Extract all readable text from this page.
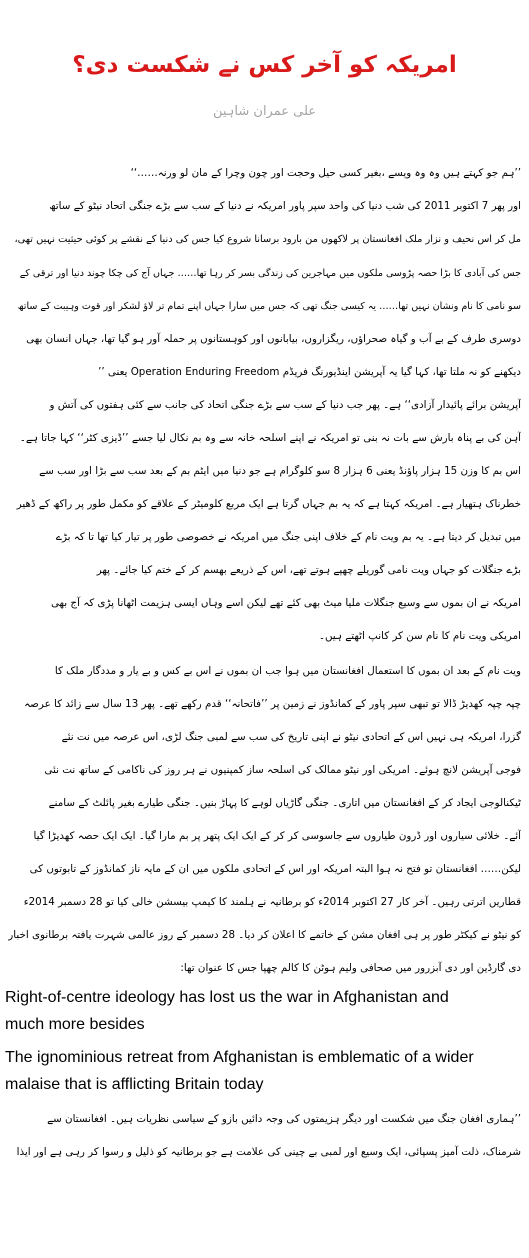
امریکہ کو آخر کس نے شکست دی؟
علی عمران شاہین
’’ہم جو کہتے ہیں وہ وہ ویسے ،بغیر کسی حیل وحجت اور چون وچرا کے مان لو ورنہ……‘‘
اور پھر 7 اکتوبر 2011 کی شب دنیا کی واحد سپر پاور امریکہ نے دنیا کے سب سے بڑے جنگی اتحاد نیٹو کے ساتھ
مل کر اس نحیف و نزار ملک افغانستان پر لاکھوں من بارود برسانا شروع کیا جس کی دنیا کے نقشے پر کوئی حیثیت نہیں تھی،
جس کی آبادی کا بڑا حصہ پڑوسی ملکوں میں مہاجرین کی زندگی بسر کر رہا تھا…… جہاں آج کی چکا چوند دنیا اور ترقی کے
سو نامی کا نام ونشان نہیں تھا…… یہ کیسی جنگ تھی کہ جس میں سارا جہاں اپنے تمام تر لاؤ لشکر اور قوت وہیبت کے ساتھ
دوسری طرف کے بے آب و گیاہ صحراؤں، ریگزاروں، بیابانوں اور کوہستانوں پر حملہ آور ہو گیا تھا، جہاں انسان بھی
دیکھنے کو نہ ملتا تھا، کہا گیا یہ آپریشن اینڈیورنگ فریڈم Operation Enduring Freedom یعنی ’’
آپریشن برائے پائیدار آزادی‘‘ ہے۔ پھر جب دنیا کے سب سے بڑے جنگی اتحاد کی جانب سے کئی ہفتوں کی آتش و
آہن کی بے پناہ بارش سے بات نہ بنی تو امریکہ نے اپنے اسلحہ خانہ سے وہ بم نکال لیا جسے ’’ڈیزی کٹر‘‘ کہا جاتا ہے۔
اس بم کا وزن 15 ہزار پاؤنڈ یعنی 6 ہزار 8 سو کلوگرام ہے جو دنیا میں ایٹم بم کے بعد سب سے بڑا اور سب سے
خطرناک ہتھیار ہے۔ امریکہ کہتا ہے کہ یہ بم جہاں گرتا ہے ایک مربع کلومیٹر کے علاقے کو مکمل طور پر راکھ کے ڈھیر
میں تبدیل کر دیتا ہے۔ یہ بم ویت نام کے خلاف اپنی جنگ میں امریکہ نے خصوصی طور پر تیار کیا تھا تا کہ بڑے
بڑے جنگلات کو جہاں ویت نامی گوریلے چھپے ہوتے تھے، اس کے ذریعے بھسم کر کے ختم کیا جائے۔ پھر
امریکہ نے ان بموں سے وسیع جنگلات ملیا میٹ بھی کئے تھے لیکن اسے وہاں ایسی ہزیمت اٹھانا پڑی کہ آج بھی
امریکی ویت نام کا نام سن کر کانپ اٹھتے ہیں۔
ویت نام کے بعد ان بموں کا استعمال افغانستان میں ہوا جب ان بموں نے اس بے کس و بے یار و مددگار ملک کا
چپہ چپہ کھدیڑ ڈالا تو تبھی سپر پاور کے کمانڈوز نے زمین پر ’’فاتحانہ‘‘ قدم رکھے تھے۔ پھر 13 سال سے زائد کا عرصہ
گزرا، امریکہ ہی نہیں اس کے اتحادی نیٹو نے اپنی تاریخ کی سب سے لمبی جنگ لڑی، اس عرصہ میں نت نئے
فوجی آپریشن لانچ ہوئے۔ امریکی اور نیٹو ممالک کی اسلحہ ساز کمپنیوں نے ہر روز کی ناکامی کے ساتھ نت نئی
ٹیکنالوجی ایجاد کر کے افغانستان میں اتاری۔ جنگی گاڑیاں لوہے کا پہاڑ بنیں۔ جنگی طیارے بغیر پائلٹ کے سامنے
آئے۔ خلائی سیاروں اور ڈرون طیاروں سے جاسوسی کر کر کے ایک ایک پتھر پر بم مارا گیا۔ ایک ایک حصہ کھدیڑا گیا
لیکن…… افغانستان تو فتح نہ ہوا البتہ امریکہ اور اس کے اتحادی ملکوں میں ان کے مایہ ناز کمانڈوز کے تابوتوں کی
قطاریں اترتی رہیں۔ آخر کار 27 اکتوبر 2014ء کو برطانیہ نے ہلمند کا کیمپ بیسشن خالی کیا تو 28 دسمبر 2014ء
کو نیٹو نے کیکٹر طور پر ہی افغان مشن کے خاتمے کا اعلان کر دیا۔ 28 دسمبر کے روز عالمی شہرت یافتہ برطانوی اخبار
دی گارڈین اور دی آبزرور میں صحافی ولیم ہوٹن کا کالم چھپا جس کا عنوان تھا:
Right-of-centre ideology has lost us the war in Afghanistan and
much more besides
The ignominious retreat from Afghanistan is emblematic of a wider
malaise that is afflicting Britain today
’’ہماری افغان جنگ میں شکست اور دیگر ہزیمتوں کی وجہ دائیں بازو کے سیاسی نظریات ہیں۔ افغانستان سے
شرمناک، ذلت آمیز پسپائی، ایک وسیع اور لمبی بے چینی کی علامت ہے جو برطانیہ کو ذلیل و رسوا کر رہی ہے اور ایذا
